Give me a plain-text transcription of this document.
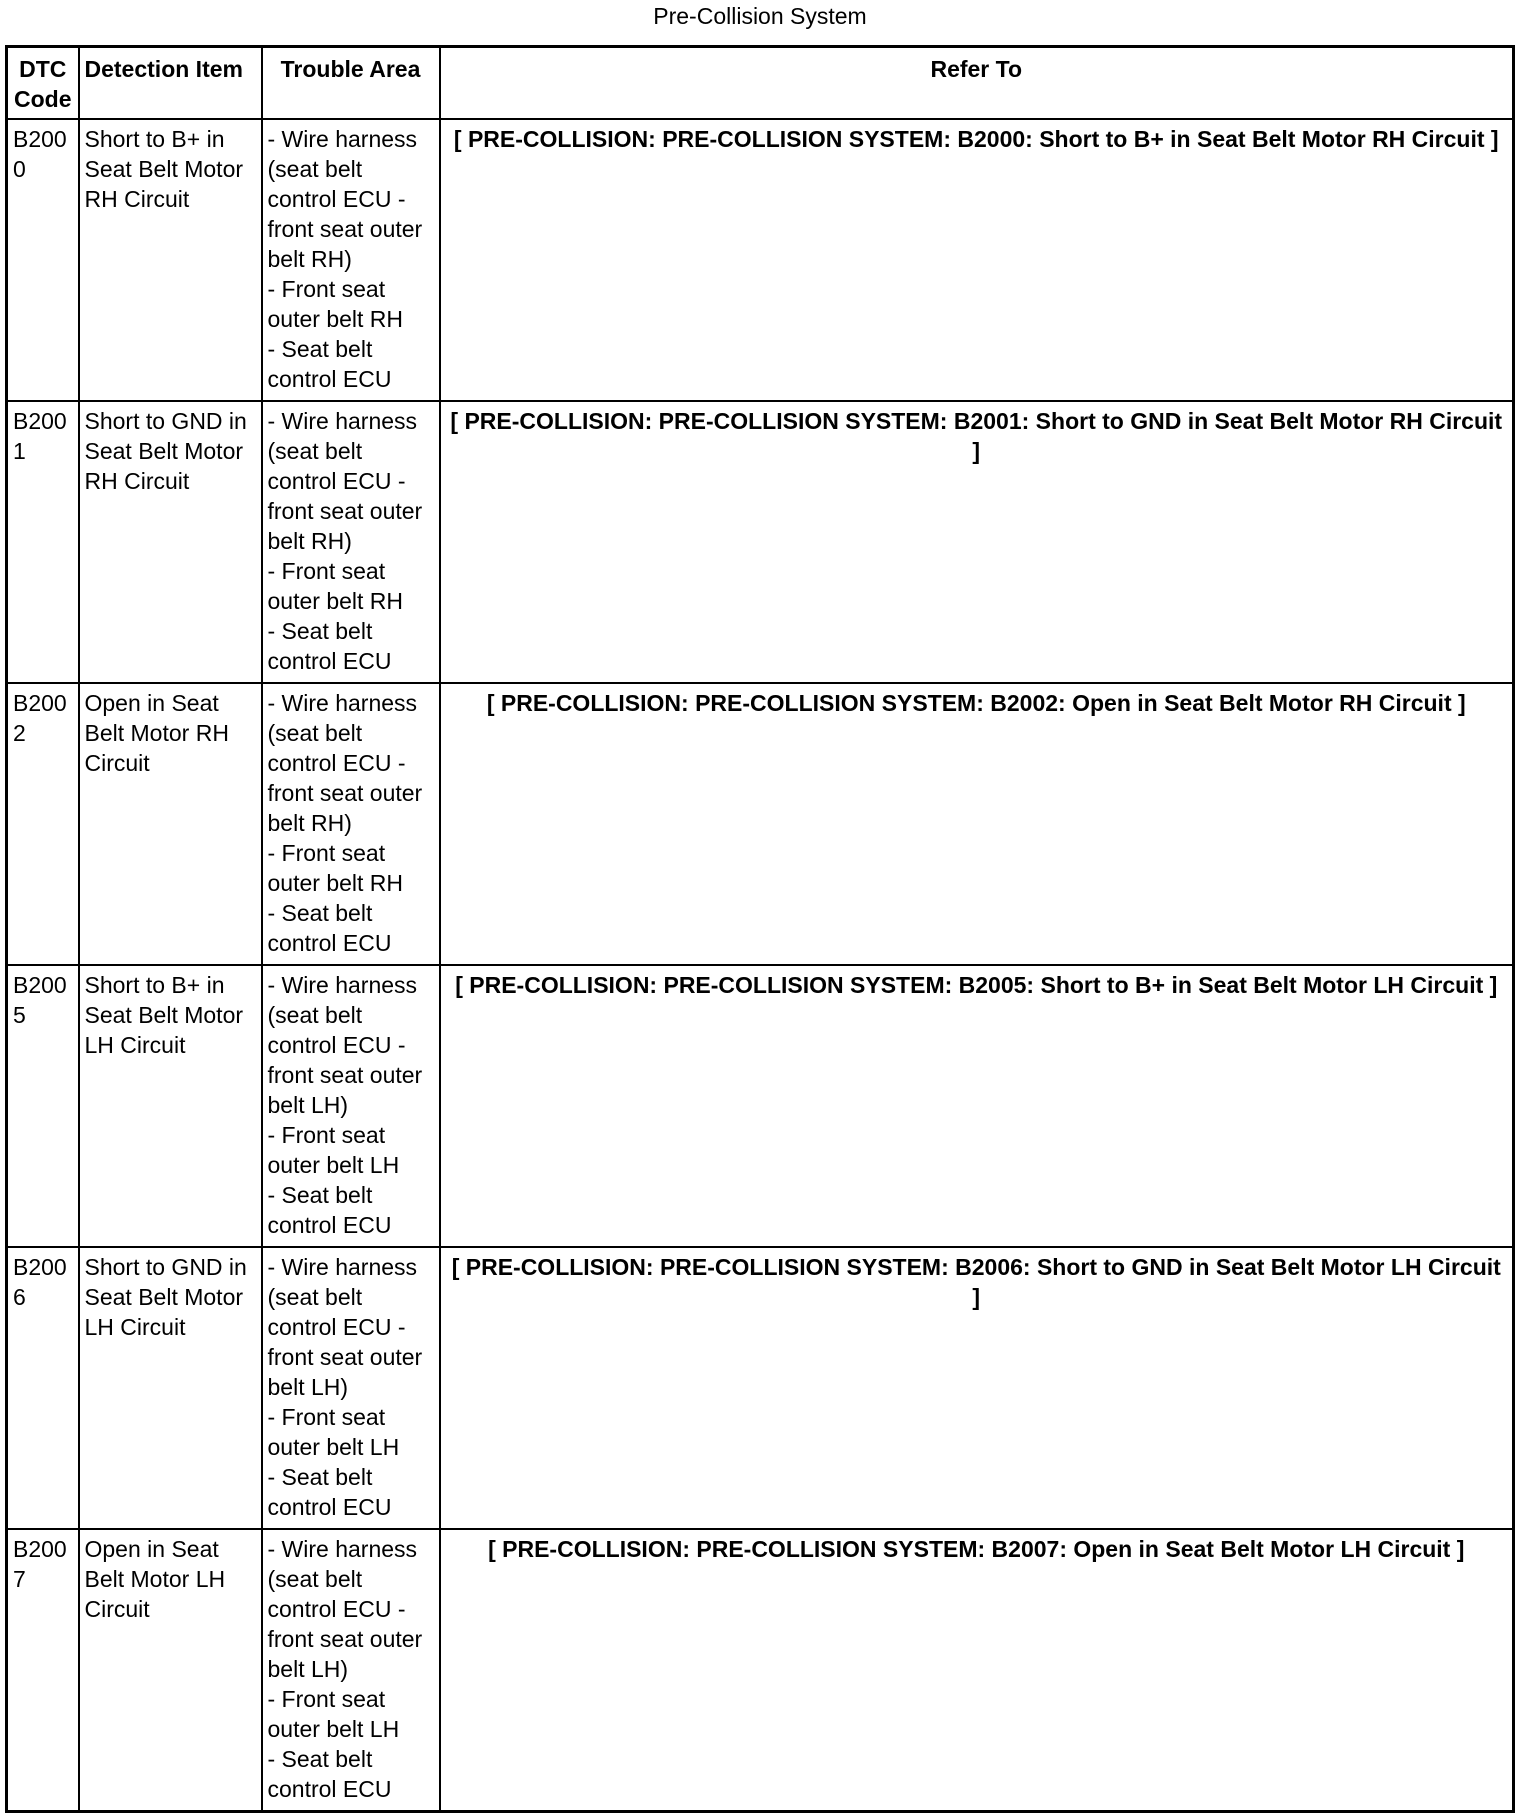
Pre-Collision System
DTC Code	Detection Item	Trouble Area	Refer To
B2000	Short to B+ in Seat Belt Motor RH Circuit	- Wire harness (seat belt control ECU - front seat outer belt RH)
- Front seat outer belt RH
- Seat belt control ECU	[ PRE-COLLISION: PRE-COLLISION SYSTEM: B2000: Short to B+ in Seat Belt Motor RH Circuit ]
B2001	Short to GND in Seat Belt Motor RH Circuit	- Wire harness (seat belt control ECU - front seat outer belt RH)
- Front seat outer belt RH
- Seat belt control ECU	[ PRE-COLLISION: PRE-COLLISION SYSTEM: B2001: Short to GND in Seat Belt Motor RH Circuit ]
B2002	Open in Seat Belt Motor RH Circuit	- Wire harness (seat belt control ECU - front seat outer belt RH)
- Front seat outer belt RH
- Seat belt control ECU	[ PRE-COLLISION: PRE-COLLISION SYSTEM: B2002: Open in Seat Belt Motor RH Circuit ]
B2005	Short to B+ in Seat Belt Motor LH Circuit	- Wire harness (seat belt control ECU - front seat outer belt LH)
- Front seat outer belt LH
- Seat belt control ECU	[ PRE-COLLISION: PRE-COLLISION SYSTEM: B2005: Short to B+ in Seat Belt Motor LH Circuit ]
B2006	Short to GND in Seat Belt Motor LH Circuit	- Wire harness (seat belt control ECU - front seat outer belt LH)
- Front seat outer belt LH
- Seat belt control ECU	[ PRE-COLLISION: PRE-COLLISION SYSTEM: B2006: Short to GND in Seat Belt Motor LH Circuit ]
B2007	Open in Seat Belt Motor LH Circuit	- Wire harness (seat belt control ECU - front seat outer belt LH)
- Front seat outer belt LH
- Seat belt control ECU	[ PRE-COLLISION: PRE-COLLISION SYSTEM: B2007: Open in Seat Belt Motor LH Circuit ]
